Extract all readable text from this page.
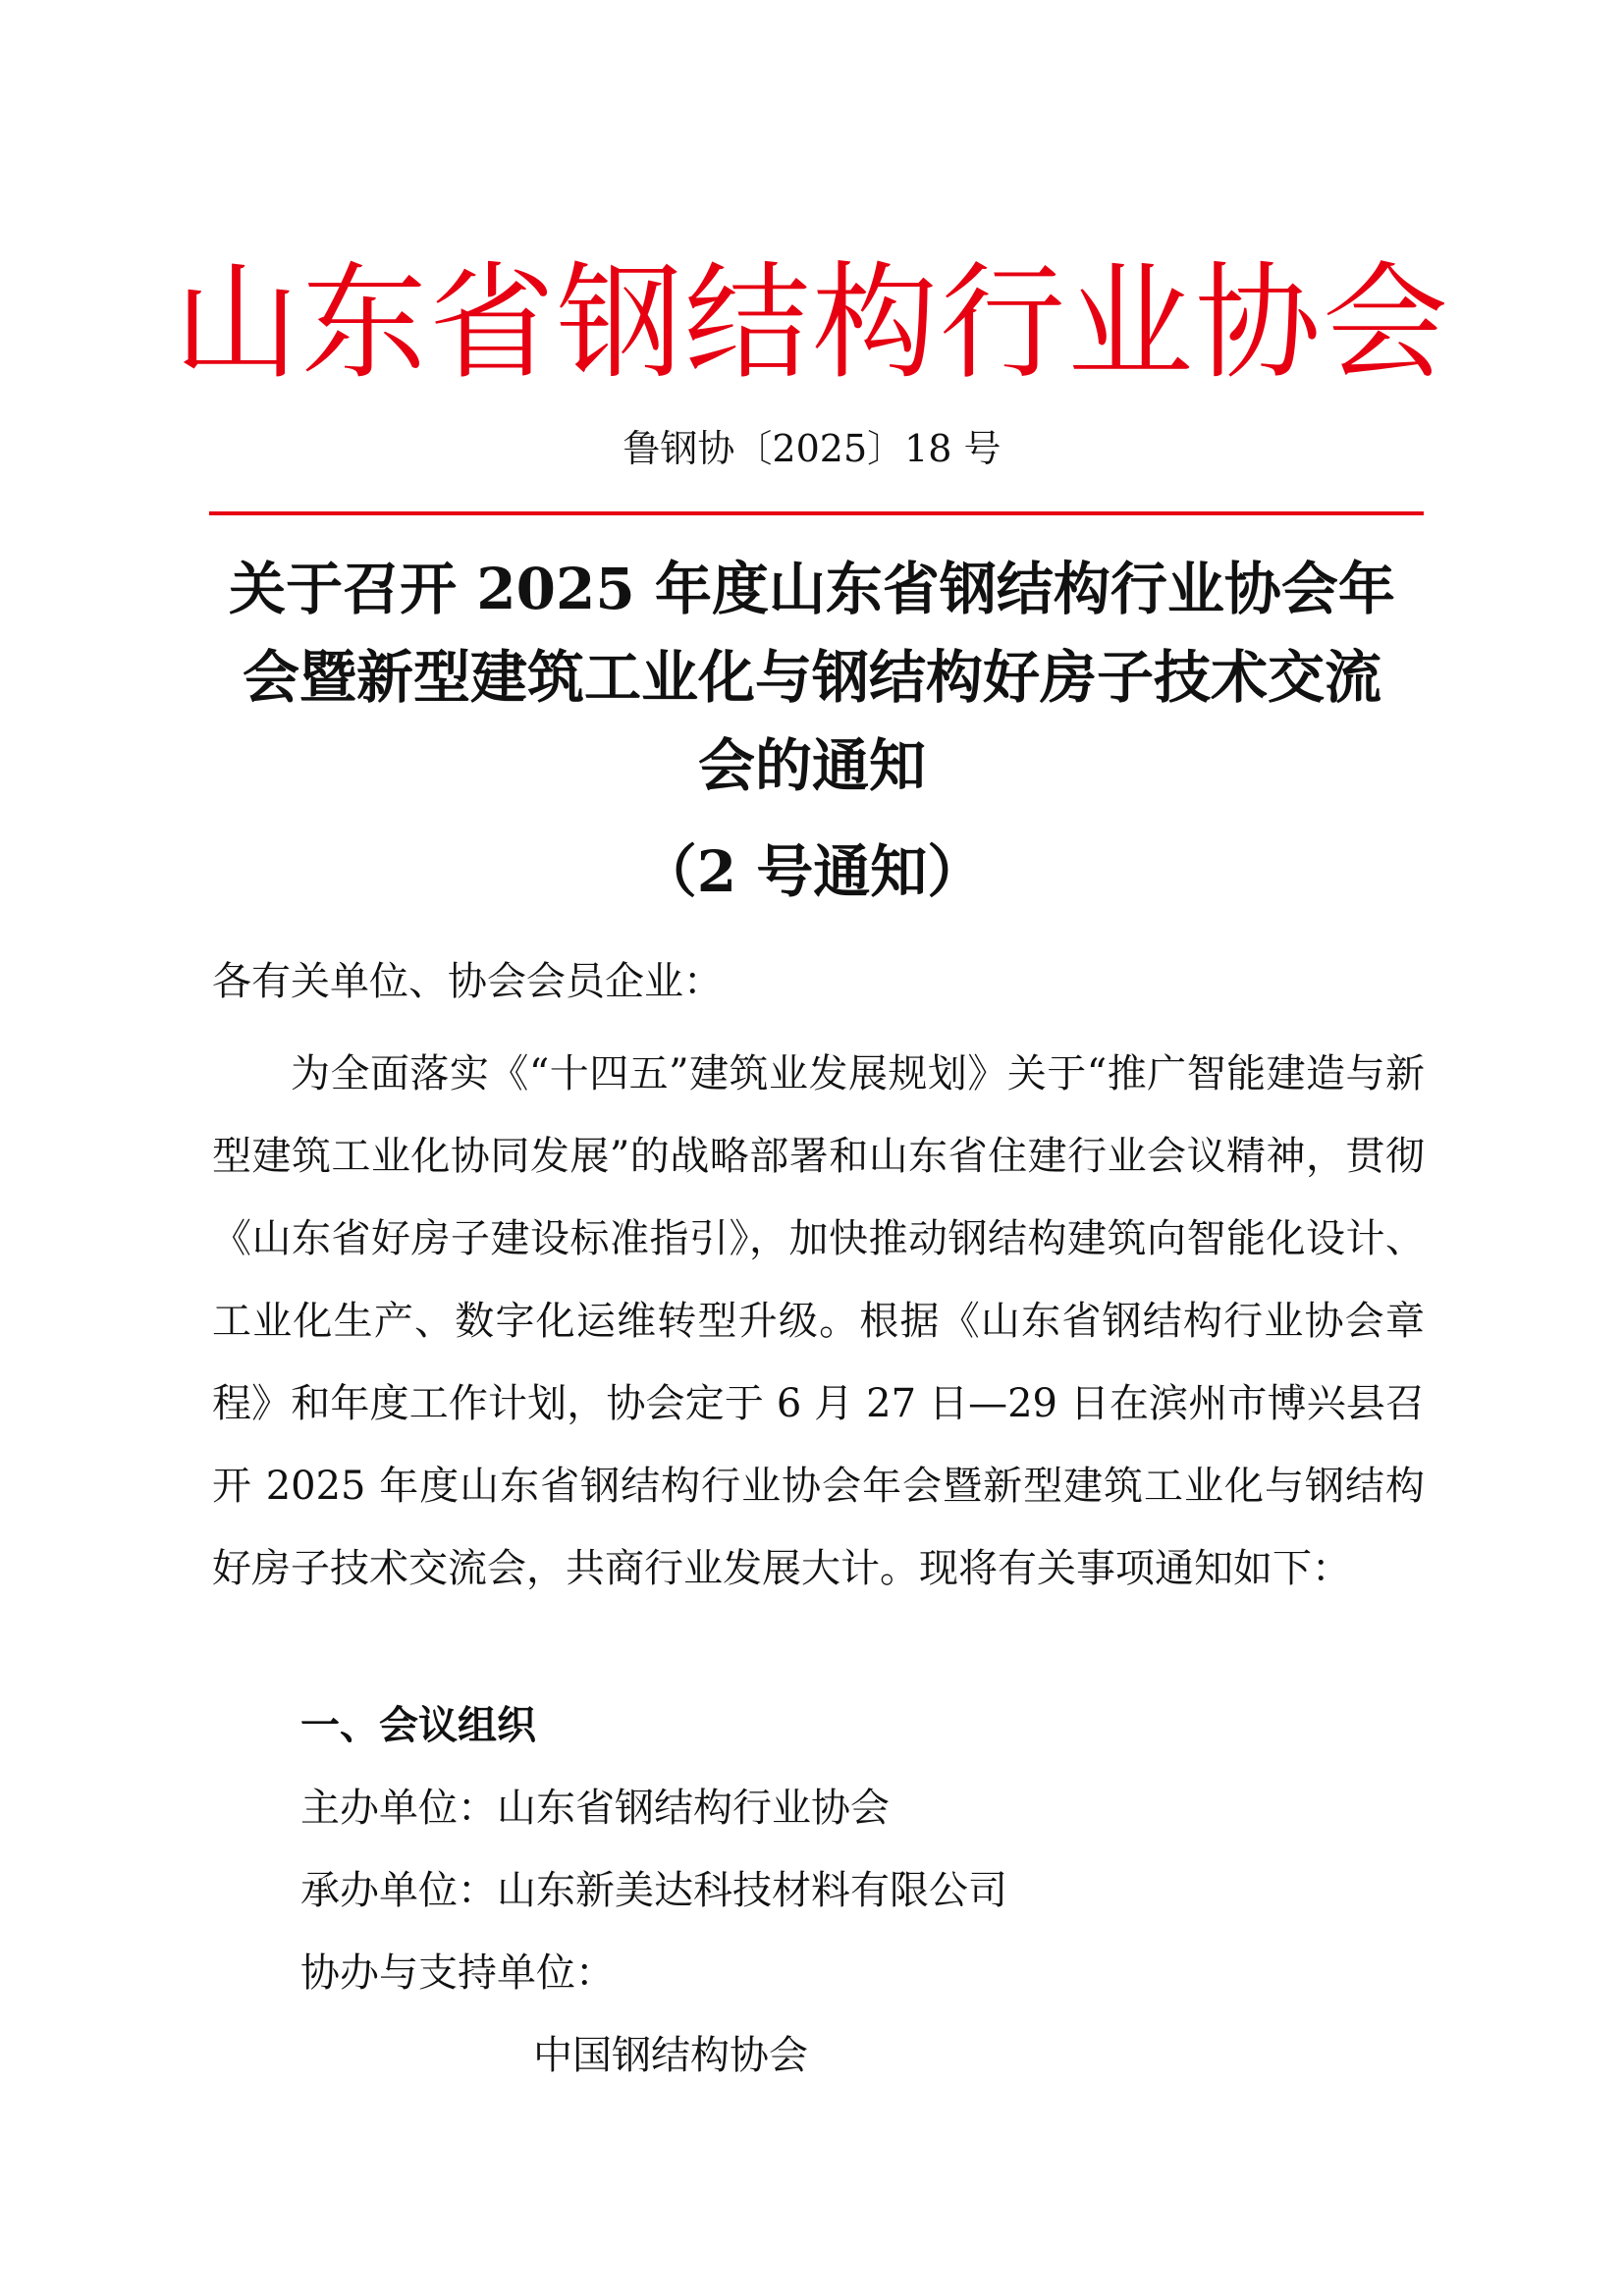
山东省钢结构行业协会
鲁钢协〔2025〕18 号
关于召开 2025 年度山东省钢结构行业协会年
会暨新型建筑工业化与钢结构好房子技术交流
会的通知
（2 号通知）
各有关单位、协会会员企业：
为全面落实《“十四五”建筑业发展规划》关于“推广智能建造与新型建筑工业化协同发展”的战略部署和山东省住建行业会议精神，贯彻《山东省好房子建设标准指引》，加快推动钢结构建筑向智能化设计、工业化生产、数字化运维转型升级。根据《山东省钢结构行业协会章程》和年度工作计划，协会定于 6 月 27 日—29 日在滨州市博兴县召开 2025 年度山东省钢结构行业协会年会暨新型建筑工业化与钢结构好房子技术交流会，共商行业发展大计。现将有关事项通知如下：
一、会议组织
主办单位：山东省钢结构行业协会
承办单位：山东新美达科技材料有限公司
协办与支持单位：
中国钢结构协会
